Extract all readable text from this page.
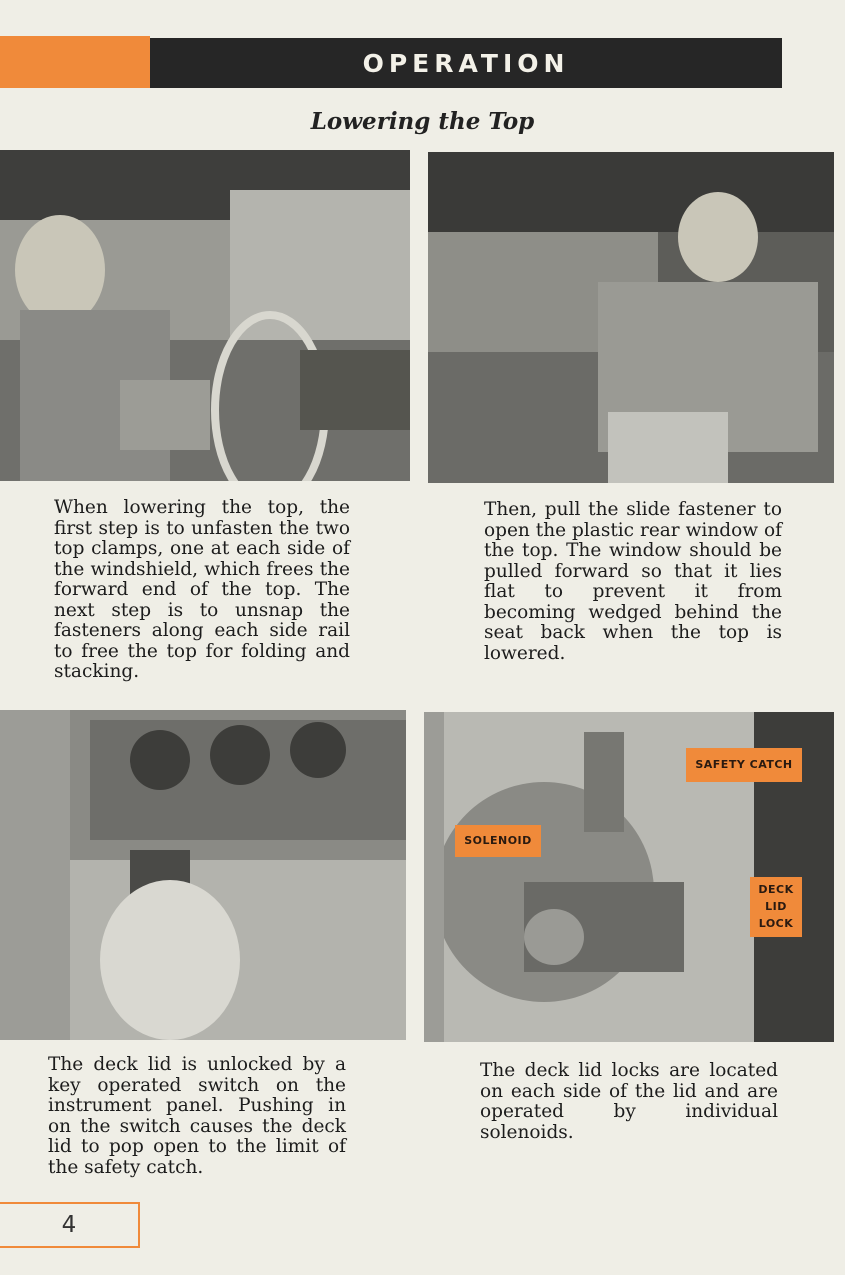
OPERATION
Lowering the Top
SAFETY CATCH
SOLENOID
DECK
LID
LOCK

When lowering the top, the first step is to unfasten the two top clamps, one at each side of the windshield, which frees the forward end of the top. The next step is to unsnap the fasteners along each side rail to free the top for folding and stacking.

Then, pull the slide fastener to open the plastic rear window of the top. The window should be pulled forward so that it lies flat to prevent it from becoming wedged behind the seat back when the top is lowered.

The deck lid is unlocked by a key operated switch on the instrument panel. Pushing in on the switch causes the deck lid to pop open to the limit of the safety catch.

The deck lid locks are located on each side of the lid and are operated by individual solenoids.

4
